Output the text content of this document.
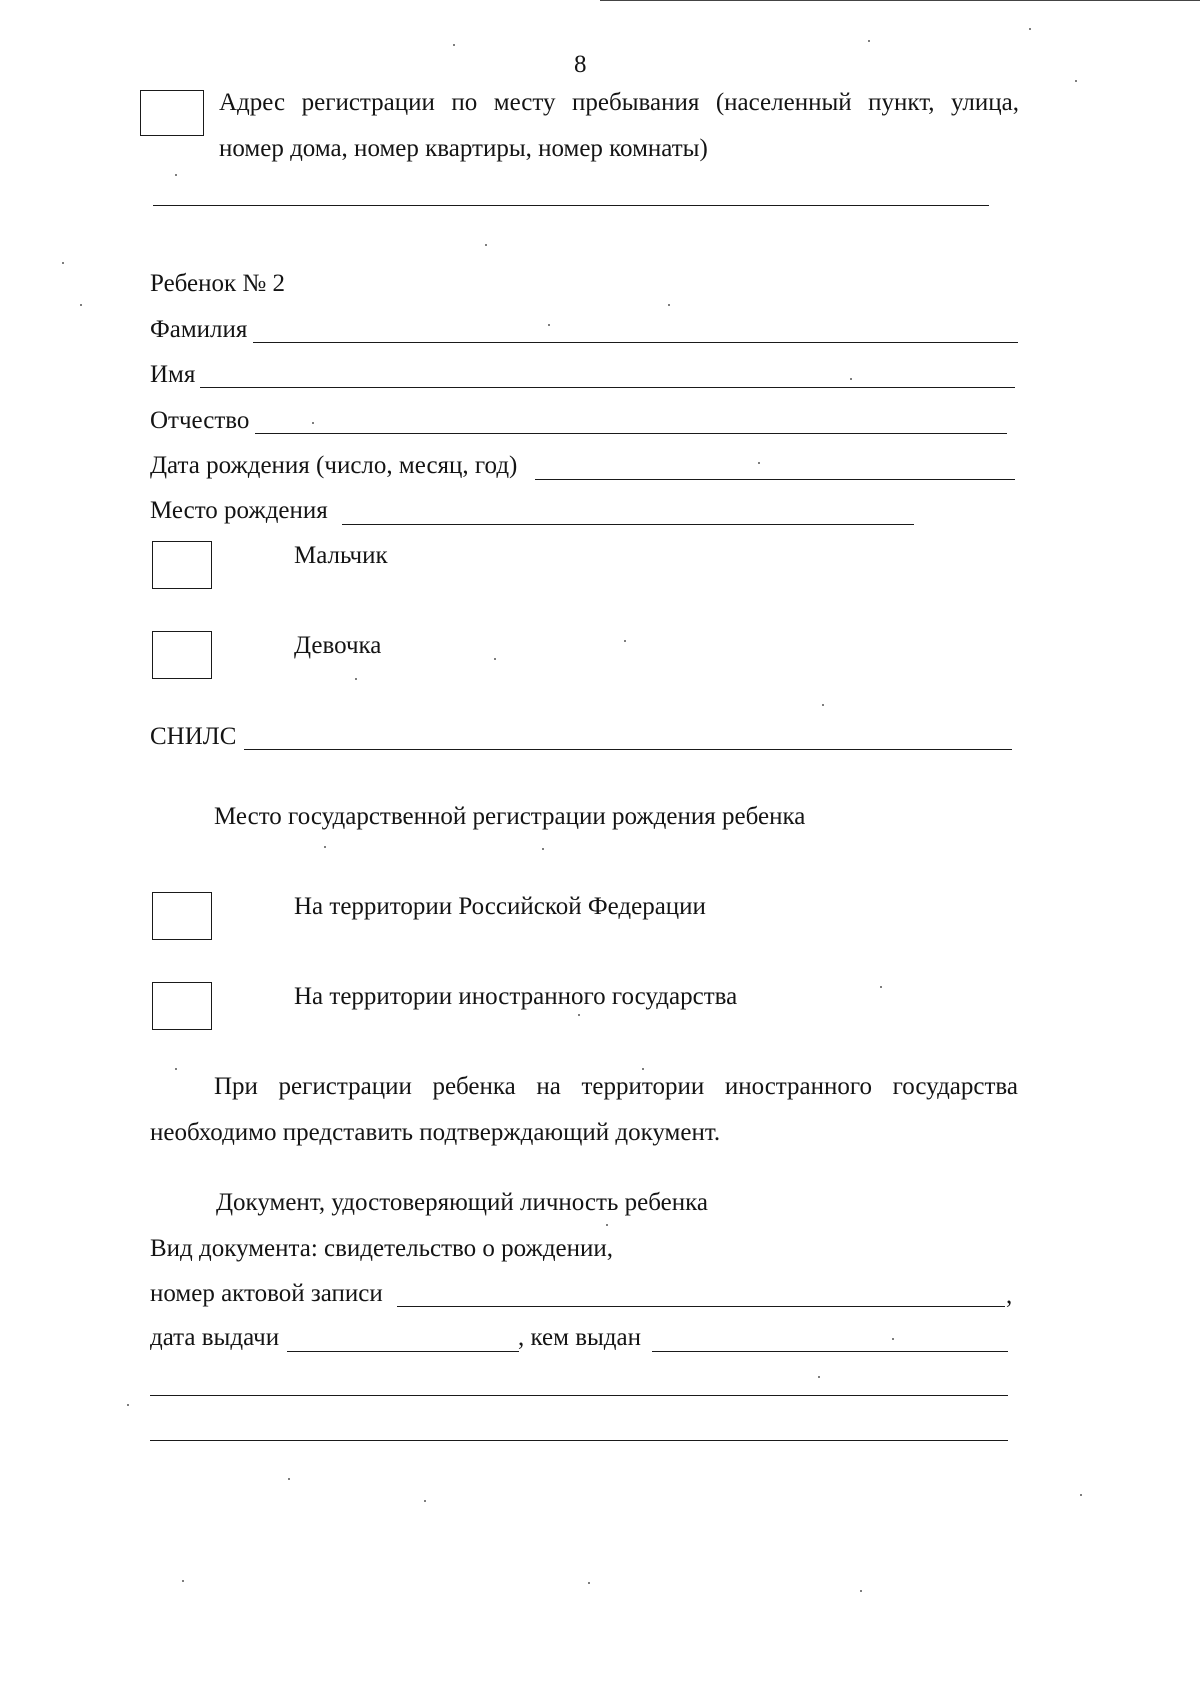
8
Адрес регистрации по месту пребывания (населенный пункт, улица,
номер дома, номер квартиры, номер комнаты)
Ребенок № 2
Фамилия
Имя
Отчество
Дата рождения (число, месяц, год)
Место рождения
Мальчик
Девочка
СНИЛС
Место государственной регистрации рождения ребенка
На территории Российской Федерации
На территории иностранного государства
При регистрации ребенка на территории иностранного государства
необходимо представить подтверждающий документ.
Документ, удостоверяющий личность ребенка
Вид документа: свидетельство о рождении,
номер актовой записи	,
дата выдачи	, кем выдан
